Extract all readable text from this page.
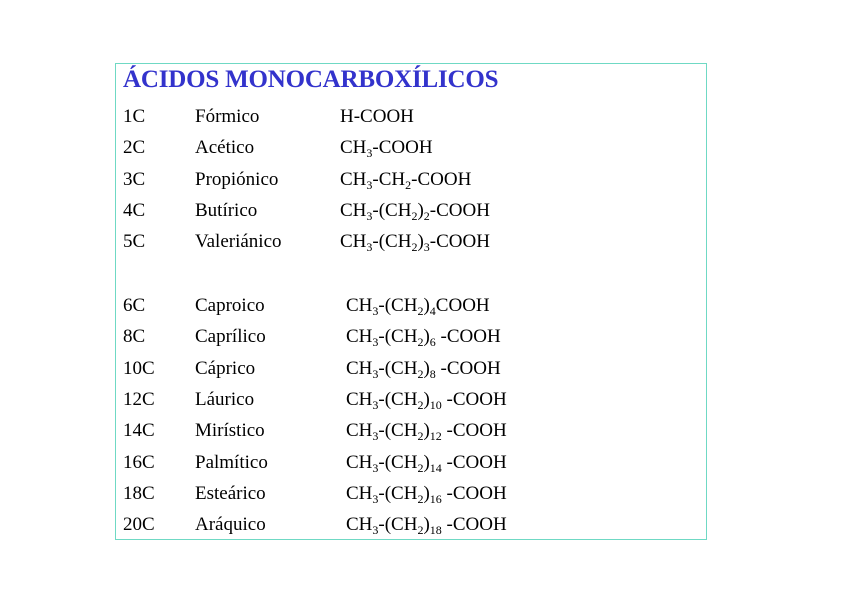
ÁCIDOS MONOCARBOXÍLICOS
1C	Fórmico	H-COOH
2C	Acético	$CH_3$-COOH
3C	Propiónico	$CH_3-CH_2$-COOH
4C	Butírico	$CH_3-(CH_2)_2$-COOH
5C	Valeriánico	$CH_3-(CH_2)_3$-COOH
6C	Caproico	$CH_3-(CH_2)_4COOH$
8C	Caprílico	$CH_3-(CH_2)_6$ -COOH
10C Cáprico	$CH_3-(CH_2)_8$ -COOH
12C Láurico	$CH_3-(CH_2)_{10}$ -COOH
14C Mirístico	$CH_3-(CH_2)_{12}$ -COOH
16C Palmítico	$CH_3-(CH_2)_{14}$ -COOH
18C Esteárico	$CH_3-(CH_2)_{16}$ -COOH
20C Aráquico	$CH_3-(CH_2)_{18}$ -COOH
